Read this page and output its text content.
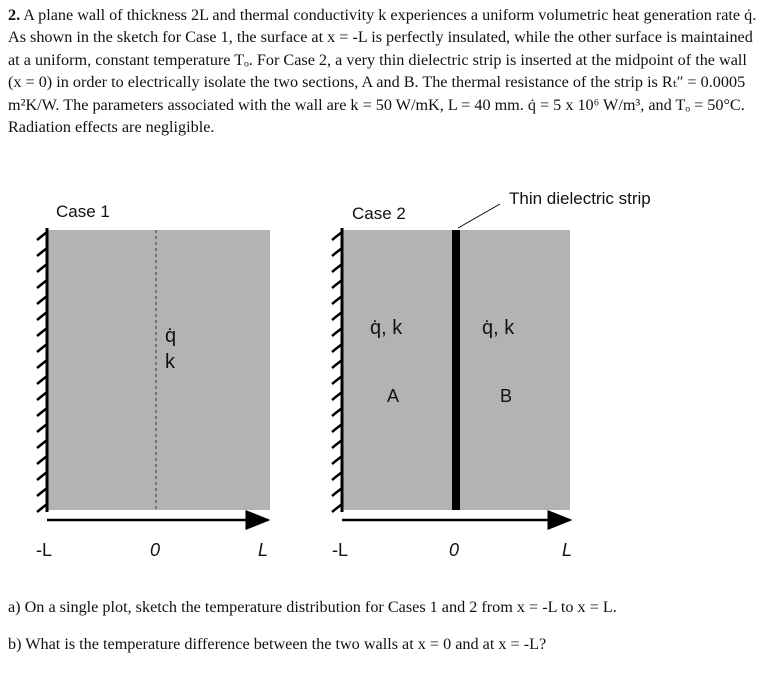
2. A plane wall of thickness 2L and thermal conductivity k experiences a uniform volumetric heat generation rate q̇. As shown in the sketch for Case 1, the surface at x = -L is perfectly insulated, while the other surface is maintained at a uniform, constant temperature Tₒ. For Case 2, a very thin dielectric strip is inserted at the midpoint of the wall (x = 0) in order to electrically isolate the two sections, A and B. The thermal resistance of the strip is Rₜ″ = 0.0005 m²K/W. The parameters associated with the wall are k = 50 W/mK, L = 40 mm. q̇ = 5 x 10⁶ W/m³, and Tₒ = 50°C. Radiation effects are negligible.

Case 1
q̇
k
-L	0	L
Case 2
q̇, k	q̇, k
A	B
-L	0	L
Thin dielectric strip
a) On a single plot, sketch the temperature distribution for Cases 1 and 2 from x = -L to x = L.
b) What is the temperature difference between the two walls at x = 0 and at x = -L?
